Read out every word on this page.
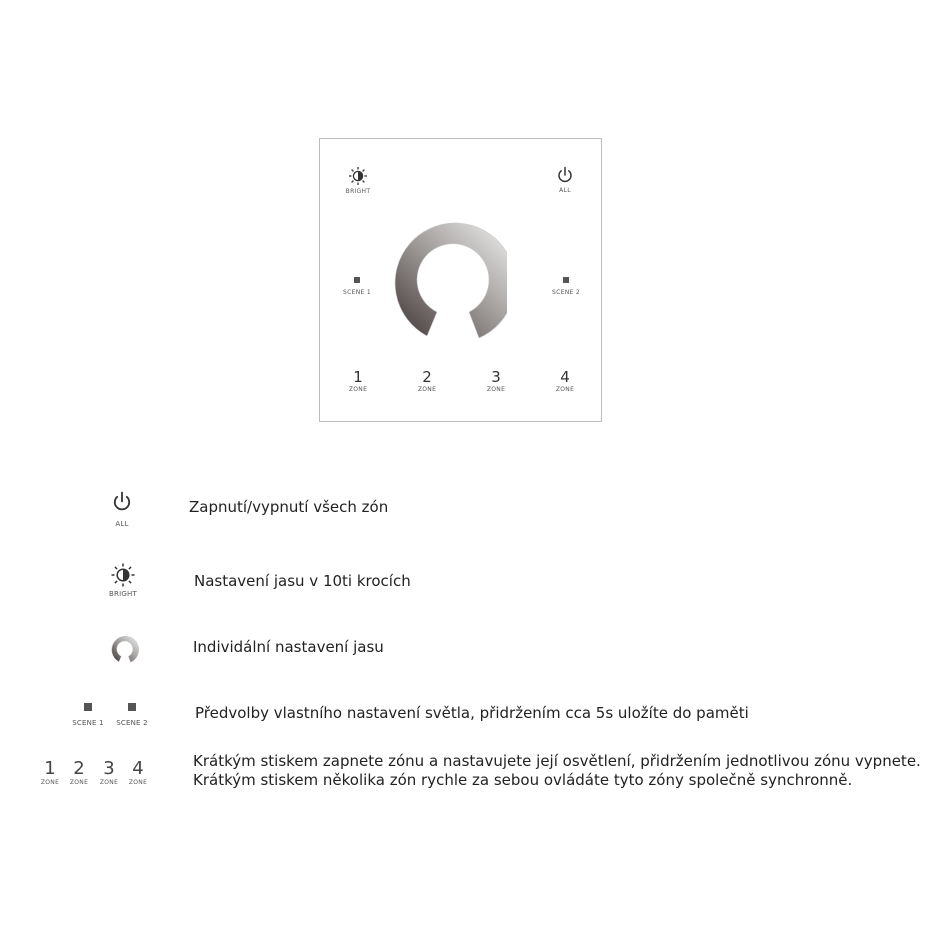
BRIGHT	ALL
SCENE 1	SCENE 2
1
ZONE
2
ZONE
3
ZONE
4
ZONE
ALL
Zapnutí/vypnutí všech zón
BRIGHT
Nastavení jasu v 10ti krocích
Individální nastavení jasu
SCENE 1 SCENE 2
Předvolby vlastního nastavení světla, přidržením cca 5s uložíte do paměti
1
ZONE
2
ZONE
3
ZONE
4
ZONE
Krátkým stiskem zapnete zónu a nastavujete její osvětlení, přidržením jednotlivou zónu vypnete.
Krátkým stiskem několika zón rychle za sebou ovládáte tyto zóny společně synchronně.
